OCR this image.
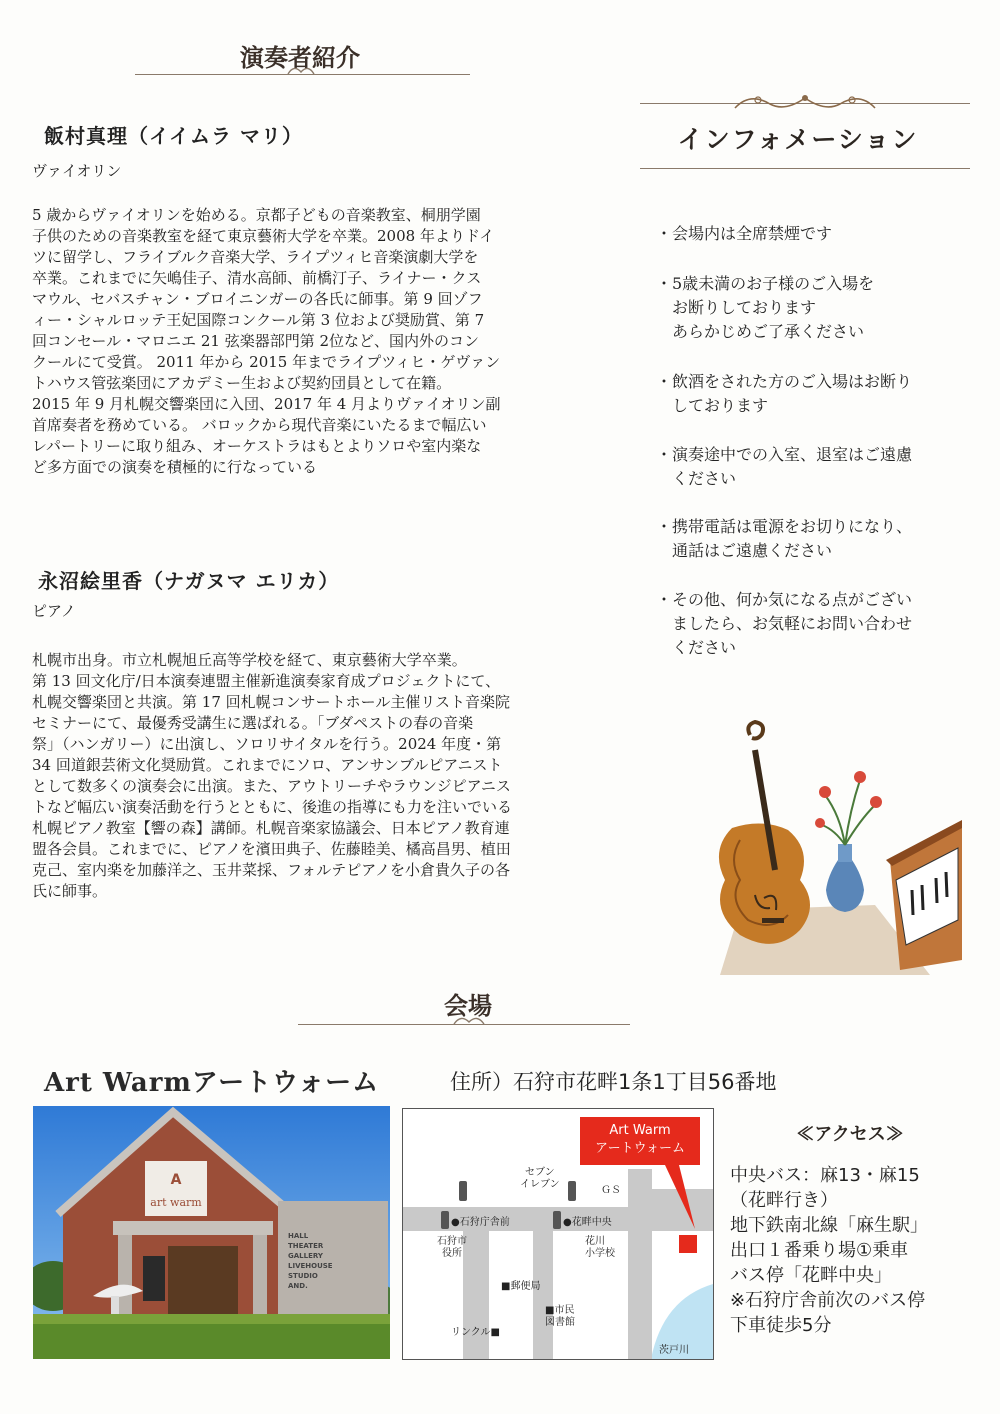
演奏者紹介
飯村真理（イイムラ マリ）
ヴァイオリン
5 歳からヴァイオリンを始める。京都子どもの音楽教室、桐朋学園
子供のための音楽教室を経て東京藝術大学を卒業。2008 年よりドイ
ツに留学し、フライブルク音楽大学、ライプツィヒ音楽演劇大学を
卒業。これまでに矢嶋佳子、清水高師、前橋汀子、ライナー・クス
マウル、セバスチャン・ブロイニンガーの各氏に師事。第 9 回ゾフ
ィー・シャルロッテ王妃国際コンクール第 3 位および奨励賞、第 7
回コンセール・マロニエ 21 弦楽器部門第 2位など、国内外のコン
クールにて受賞。 2011 年から 2015 年までライプツィヒ・ゲヴァン
トハウス管弦楽団にアカデミー生および契約団員として在籍。
2015 年 9 月札幌交響楽団に入団、2017 年 4 月よりヴァイオリン副
首席奏者を務めている。 バロックから現代音楽にいたるまで幅広い
レパートリーに取り組み、オーケストラはもとよりソロや室内楽な
ど多方面での演奏を積極的に行なっている
永沼絵里香（ナガヌマ エリカ）
ピアノ
札幌市出身。市立札幌旭丘高等学校を経て、東京藝術大学卒業。
第 13 回文化庁/日本演奏連盟主催新進演奏家育成プロジェクトにて、
札幌交響楽団と共演。第 17 回札幌コンサートホール主催リスト音楽院
セミナーにて、最優秀受講生に選ばれる。「ブダペストの春の音楽
祭」（ハンガリー）に出演し、ソロリサイタルを行う。2024 年度・第
34 回道銀芸術文化奨励賞。これまでにソロ、アンサンブルピアニスト
として数多くの演奏会に出演。また、アウトリーチやラウンジピアニス
トなど幅広い演奏活動を行うとともに、後進の指導にも力を注いでいる
札幌ピアノ教室【響の森】講師。札幌音楽家協議会、日本ピアノ教育連
盟各会員。これまでに、ピアノを濱田典子、佐藤睦美、橘高昌男、植田
克己、室内楽を加藤洋之、玉井菜採、フォルテピアノを小倉貴久子の各
氏に師事。
インフォメーション
・会場内は全席禁煙です
・5歳未満のお子様のご入場を
　お断りしております
　あらかじめご了承ください
・飲酒をされた方のご入場はお断り
　しております
・演奏途中での入室、退室はご遠慮
　ください
・携帯電話は電源をお切りになり、
　通話はご遠慮ください
・その他、何か気になる点がござい
　ましたら、お気軽にお問い合わせ
　ください
会場
Art Warmアートウォーム	住所）石狩市花畔1条1丁目56番地
A
art warm
HALL
THEATER
GALLERY
LIVEHOUSE
STUDIO
AND.
Art Warm
アートウォーム
セブン
イレブン
ＧＳ
●石狩庁舎前	●花畔中央
石狩市
役所
花川
小学校
■郵便局
■市民
図書館
リンクル■
茨戸川
≪アクセス≫
中央バス：麻13・麻15
（花畔行き）
地下鉄南北線「麻生駅」
出口１番乗り場①乗車
バス停「花畔中央」
※石狩庁舎前次のバス停
下車徒歩5分
